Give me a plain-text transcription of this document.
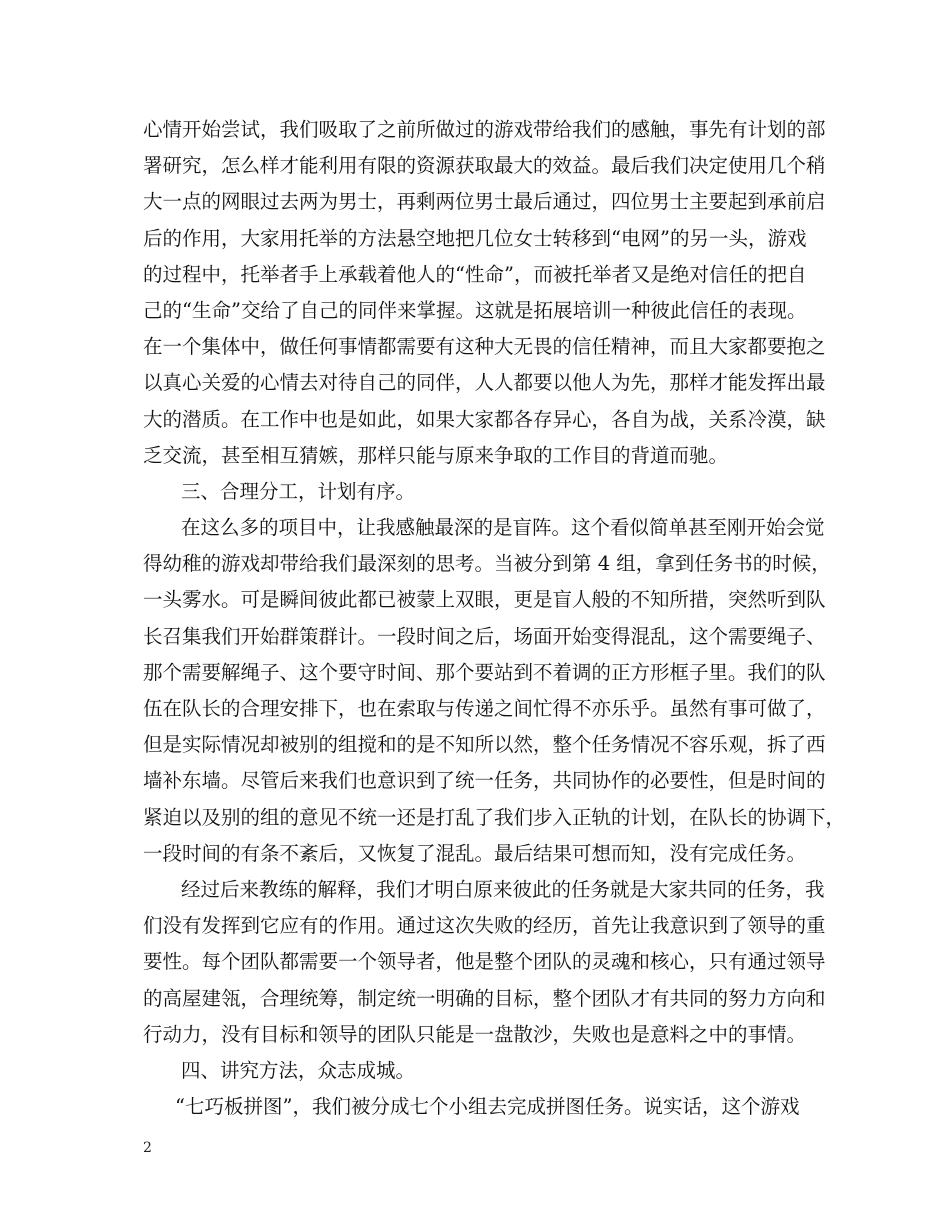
心情开始尝试，我们吸取了之前所做过的游戏带给我们的感触，事先有计划的部
署研究，怎么样才能利用有限的资源获取最大的效益。最后我们决定使用几个稍
大一点的网眼过去两为男士，再剩两位男士最后通过，四位男士主要起到承前启
后的作用，大家用托举的方法悬空地把几位女士转移到“电网”的另一头，游戏
的过程中，托举者手上承载着他人的“性命”，而被托举者又是绝对信任的把自
己的“生命”交给了自己的同伴来掌握。这就是拓展培训一种彼此信任的表现。
在一个集体中，做任何事情都需要有这种大无畏的信任精神，而且大家都要抱之
以真心关爱的心情去对待自己的同伴，人人都要以他人为先，那样才能发挥出最
大的潜质。在工作中也是如此，如果大家都各存异心，各自为战，关系冷漠，缺
乏交流，甚至相互猜嫉，那样只能与原来争取的工作目的背道而驰。
三、合理分工，计划有序。
在这么多的项目中，让我感触最深的是盲阵。这个看似简单甚至刚开始会觉
得幼稚的游戏却带给我们最深刻的思考。当被分到第 4 组，拿到任务书的时候，
一头雾水。可是瞬间彼此都已被蒙上双眼，更是盲人般的不知所措，突然听到队
长召集我们开始群策群计。一段时间之后，场面开始变得混乱，这个需要绳子、
那个需要解绳子、这个要守时间、那个要站到不着调的正方形框子里。我们的队
伍在队长的合理安排下，也在索取与传递之间忙得不亦乐乎。虽然有事可做了，
但是实际情况却被别的组搅和的是不知所以然，整个任务情况不容乐观，拆了西
墙补东墙。尽管后来我们也意识到了统一任务，共同协作的必要性，但是时间的
紧迫以及别的组的意见不统一还是打乱了我们步入正轨的计划，在队长的协调下，
一段时间的有条不紊后，又恢复了混乱。最后结果可想而知，没有完成任务。
经过后来教练的解释，我们才明白原来彼此的任务就是大家共同的任务，我
们没有发挥到它应有的作用。通过这次失败的经历，首先让我意识到了领导的重
要性。每个团队都需要一个领导者，他是整个团队的灵魂和核心，只有通过领导
的高屋建瓴，合理统筹，制定统一明确的目标，整个团队才有共同的努力方向和
行动力，没有目标和领导的团队只能是一盘散沙，失败也是意料之中的事情。
四、讲究方法，众志成城。
“七巧板拼图”，我们被分成七个小组去完成拼图任务。说实话，这个游戏
2
